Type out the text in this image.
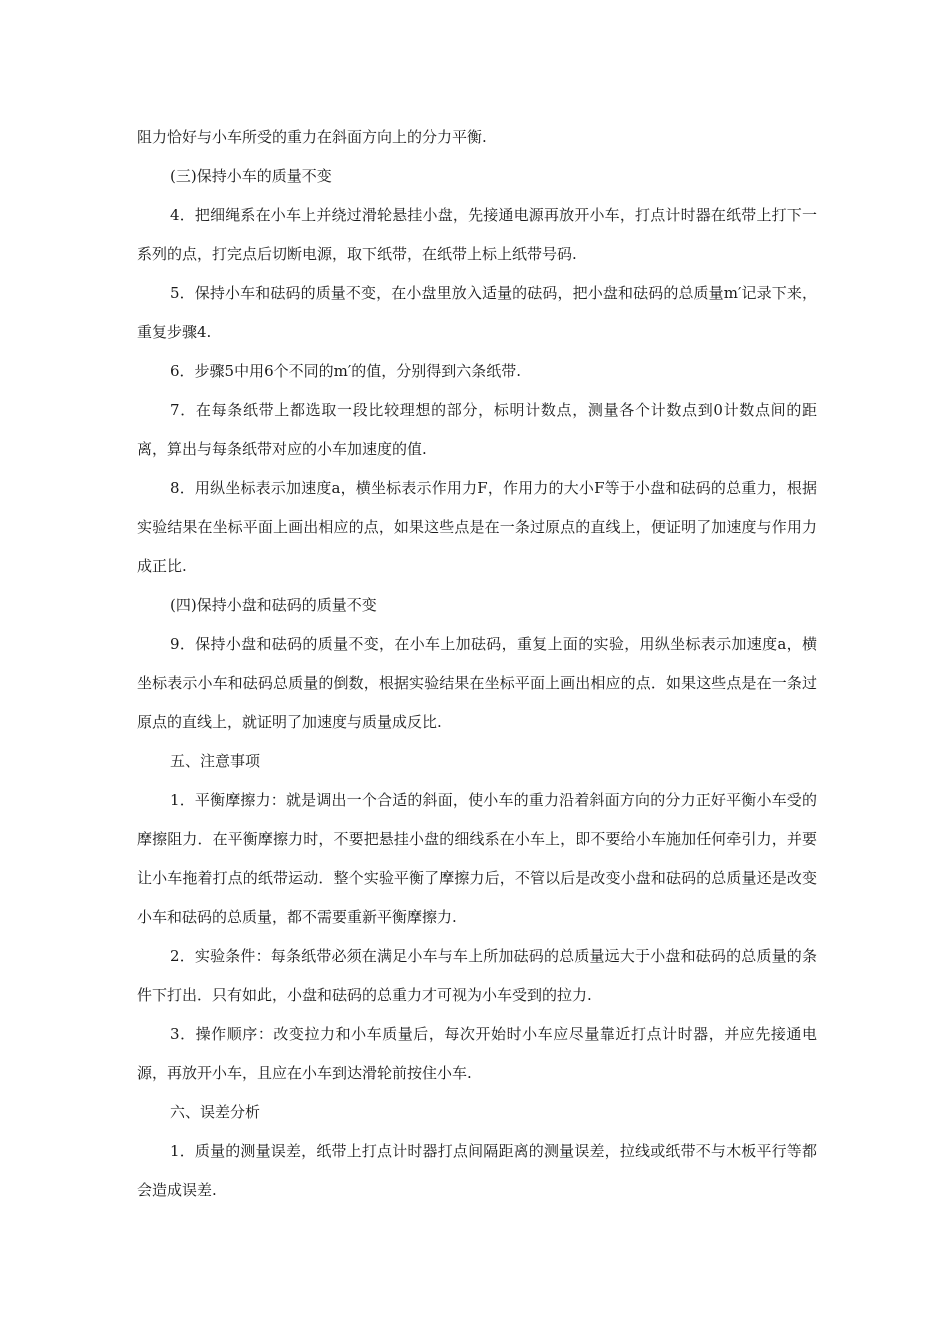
阻力恰好与小车所受的重力在斜面方向上的分力平衡.

(三)保持小车的质量不变

4．把细绳系在小车上并绕过滑轮悬挂小盘，先接通电源再放开小车，打点计时器在纸带上打下一系列的点，打完点后切断电源，取下纸带，在纸带上标上纸带号码.

5．保持小车和砝码的质量不变，在小盘里放入适量的砝码，把小盘和砝码的总质量m′记录下来，重复步骤4.

6．步骤5中用6个不同的m′的值，分别得到六条纸带.

7．在每条纸带上都选取一段比较理想的部分，标明计数点，测量各个计数点到0计数点间的距离，算出与每条纸带对应的小车加速度的值.

8．用纵坐标表示加速度a，横坐标表示作用力F，作用力的大小F等于小盘和砝码的总重力，根据实验结果在坐标平面上画出相应的点，如果这些点是在一条过原点的直线上，便证明了加速度与作用力成正比.

(四)保持小盘和砝码的质量不变

9．保持小盘和砝码的质量不变，在小车上加砝码，重复上面的实验，用纵坐标表示加速度a，横坐标表示小车和砝码总质量的倒数，根据实验结果在坐标平面上画出相应的点．如果这些点是在一条过原点的直线上，就证明了加速度与质量成反比.

五、注意事项

1．平衡摩擦力：就是调出一个合适的斜面，使小车的重力沿着斜面方向的分力正好平衡小车受的摩擦阻力．在平衡摩擦力时，不要把悬挂小盘的细线系在小车上，即不要给小车施加任何牵引力，并要让小车拖着打点的纸带运动．整个实验平衡了摩擦力后，不管以后是改变小盘和砝码的总质量还是改变小车和砝码的总质量，都不需要重新平衡摩擦力.

2．实验条件：每条纸带必须在满足小车与车上所加砝码的总质量远大于小盘和砝码的总质量的条件下打出．只有如此，小盘和砝码的总重力才可视为小车受到的拉力.

3．操作顺序：改变拉力和小车质量后，每次开始时小车应尽量靠近打点计时器，并应先接通电源，再放开小车，且应在小车到达滑轮前按住小车.

六、误差分析

1．质量的测量误差，纸带上打点计时器打点间隔距离的测量误差，拉线或纸带不与木板平行等都会造成误差.
